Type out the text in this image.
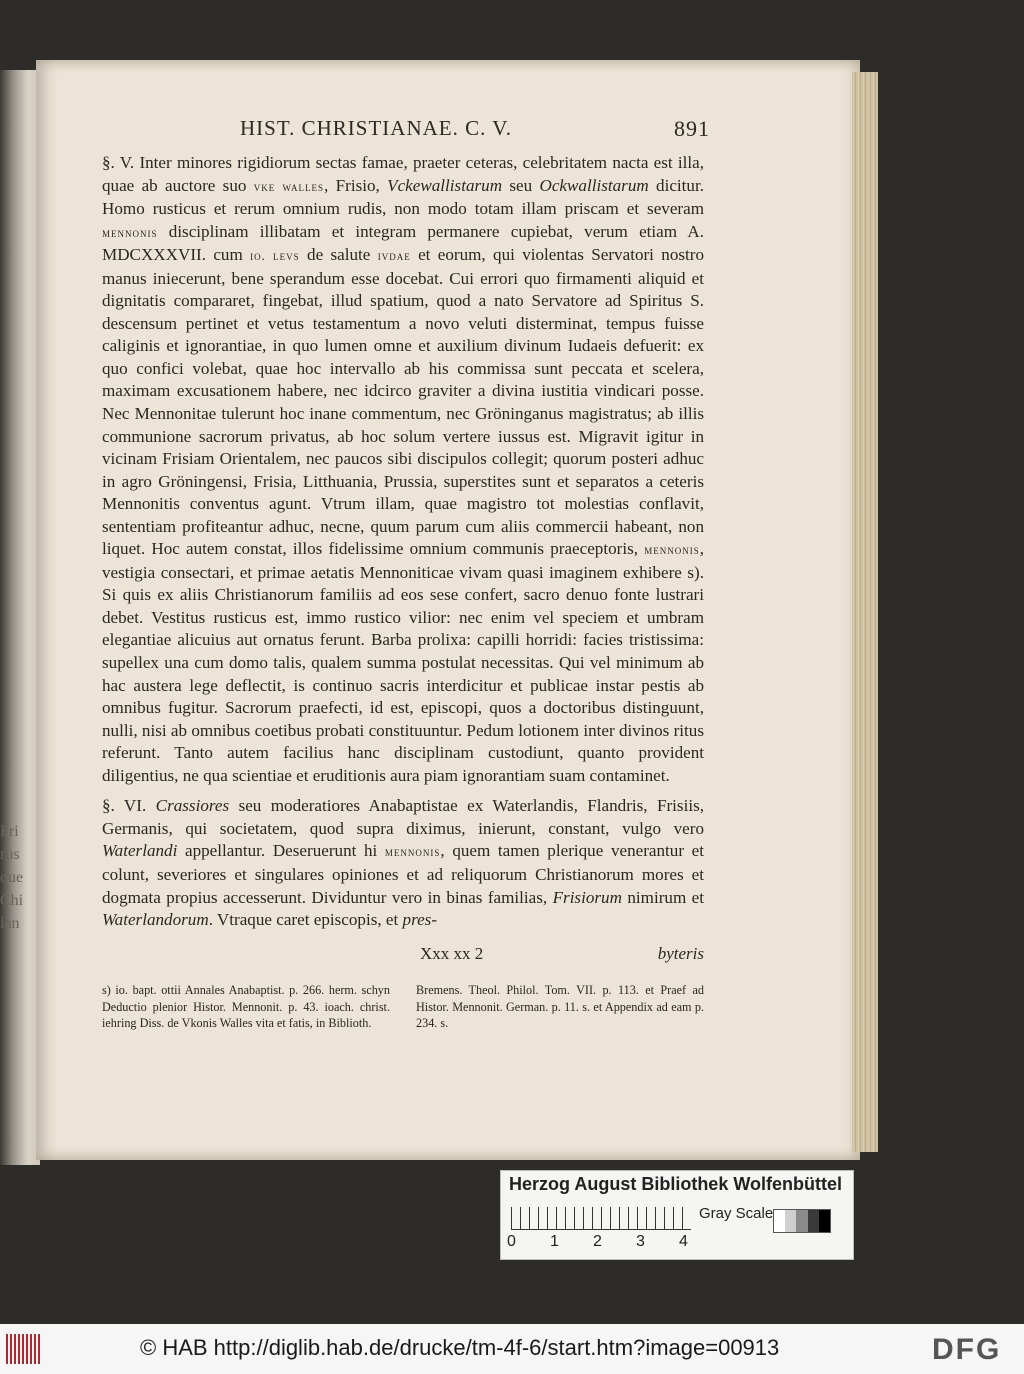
Fri
rus
que
Chi
lan
HIST. CHRISTIANAE. C. V.	891

§. V. Inter minores rigidiorum sectas famae, praeter ceteras, celebritatem nacta est illa, quae ab auctore suo vke walles, Frisio, Vckewallistarum seu Ockwallistarum dicitur. Homo rusticus et rerum omnium rudis, non modo totam illam priscam et severam mennonis disciplinam illibatam et integram permanere cupiebat, verum etiam A. MDCXXXVII. cum io. levs de salute ivdae et eorum, qui violentas Servatori nostro manus iniecerunt, bene sperandum esse docebat. Cui errori quo firmamenti aliquid et dignitatis compararet, fingebat, illud spatium, quod a nato Servatore ad Spiritus S. descensum pertinet et vetus testamentum a novo veluti disterminat, tempus fuisse caliginis et ignorantiae, in quo lumen omne et auxilium divinum Iudaeis defuerit: ex quo confici volebat, quae hoc intervallo ab his commissa sunt peccata et scelera, maximam excusationem habere, nec idcirco graviter a divina iustitia vindicari posse. Nec Mennonitae tulerunt hoc inane commentum, nec Gröninganus magistratus; ab illis communione sacrorum privatus, ab hoc solum vertere iussus est. Migravit igitur in vicinam Frisiam Orientalem, nec paucos sibi discipulos collegit; quorum posteri adhuc in agro Gröningensi, Frisia, Litthuania, Prussia, superstites sunt et separatos a ceteris Mennonitis conventus agunt. Vtrum illam, quae magistro tot molestias conflavit, sententiam profiteantur adhuc, necne, quum parum cum aliis commercii habeant, non liquet. Hoc autem constat, illos fidelissime omnium communis praeceptoris, mennonis, vestigia consectari, et primae aetatis Mennoniticae vivam quasi imaginem exhibere s). Si quis ex aliis Christianorum familiis ad eos sese confert, sacro denuo fonte lustrari debet. Vestitus rusticus est, immo rustico vilior: nec enim vel speciem et umbram elegantiae alicuius aut ornatus ferunt. Barba prolixa: capilli horridi: facies tristissima: supellex una cum domo talis, qualem summa postulat necessitas. Qui vel minimum ab hac austera lege deflectit, is continuo sacris interdicitur et publicae instar pestis ab omnibus fugitur. Sacrorum praefecti, id est, episcopi, quos a doctoribus distinguunt, nulli, nisi ab omnibus coetibus probati constituuntur. Pedum lotionem inter divinos ritus referunt. Tanto autem facilius hanc disciplinam custodiunt, quanto provident diligentius, ne qua scientiae et eruditionis aura piam ignorantiam suam contaminet.

§. VI. Crassiores seu moderatiores Anabaptistae ex Waterlandis, Flandris, Frisiis, Germanis, qui societatem, quod supra diximus, inierunt, constant, vulgo vero Waterlandi appellantur. Deseruerunt hi mennonis, quem tamen plerique venerantur et colunt, severiores et singulares opiniones et ad reliquorum Christianorum mores et dogmata propius accesserunt. Dividuntur vero in binas familias, Frisiorum nimirum et Waterlandorum. Vtraque caret episcopis, et pres-

Xxx xx 2	byteris

s) io. bapt. ottii Annales Anabaptist. p. 266. herm. schyn Deductio plenior Histor. Mennonit. p. 43. ioach. christ. iehring Diss. de Vkonis Walles vita et fatis, in Biblioth.

Bremens. Theol. Philol. Tom. VII. p. 113. et Praef ad Histor. Mennonit. German. p. 11. s. et Appendix ad eam p. 234. s.

Herzog August Bibliothek Wolfenbüttel
Gray Scale
0 1 2 3 4
© HAB http://diglib.hab.de/drucke/tm-4f-6/start.htm?image=00913	DFG
